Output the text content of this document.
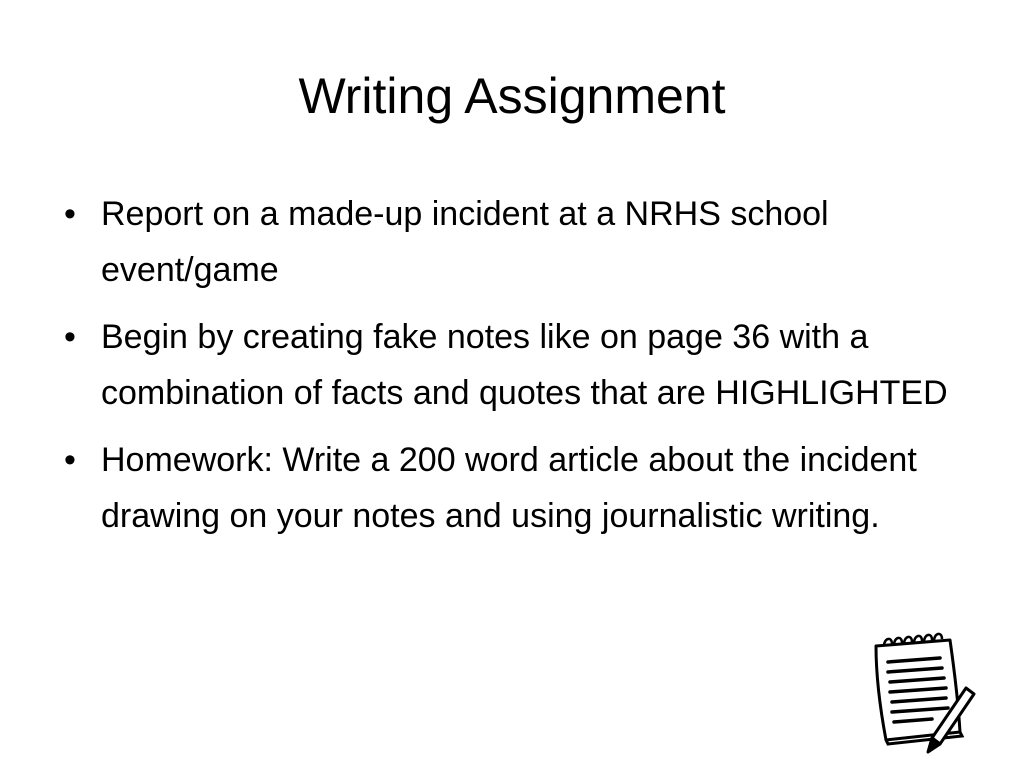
Writing Assignment
• Report on a made-up incident at a NRHS school event/game
• Begin by creating fake notes like on page 36 with a combination of facts and quotes that are HIGHLIGHTED
• Homework: Write a 200 word article about the incident drawing on your notes and using journalistic writing.
